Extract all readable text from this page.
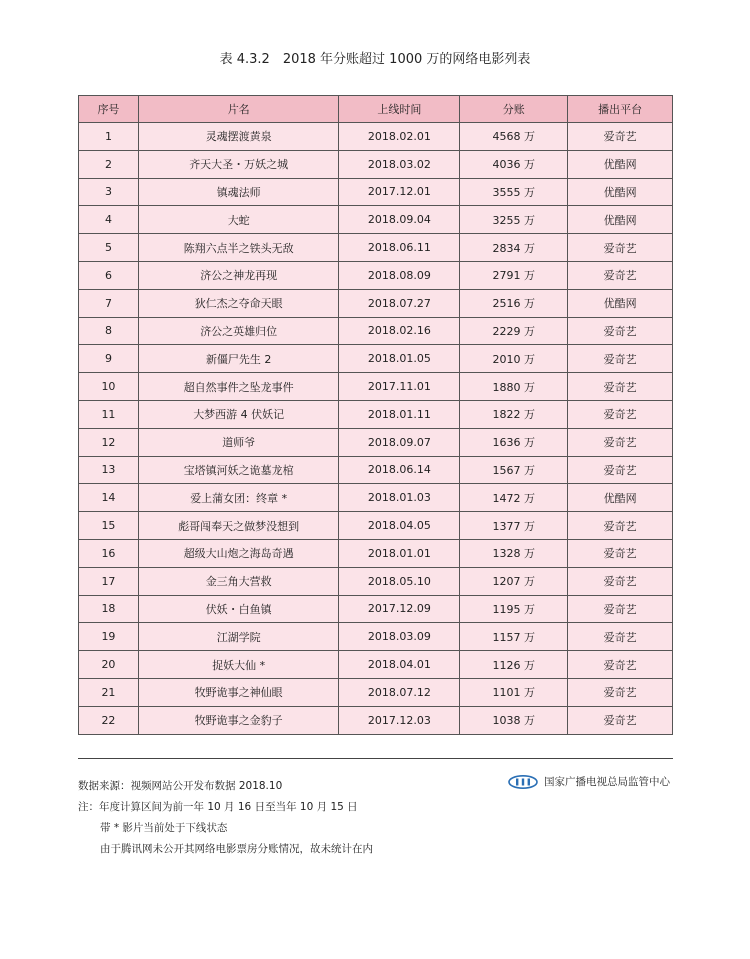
表 4.3.2　2018 年分账超过 1000 万的网络电影列表
序号	片名	上线时间	分账	播出平台
1	灵魂摆渡黄泉	2018.02.01	4568 万	爱奇艺
2	齐天大圣・万妖之城	2018.03.02	4036 万	优酷网
3	镇魂法师	2017.12.01	3555 万	优酷网
4	大蛇	2018.09.04	3255 万	优酷网
5	陈翔六点半之铁头无敌	2018.06.11	2834 万	爱奇艺
6	济公之神龙再现	2018.08.09	2791 万	爱奇艺
7	狄仁杰之夺命天眼	2018.07.27	2516 万	优酷网
8	济公之英雄归位	2018.02.16	2229 万	爱奇艺
9	新僵尸先生 2	2018.01.05	2010 万	爱奇艺
10	超自然事件之坠龙事件	2017.11.01	1880 万	爱奇艺
11	大梦西游 4 伏妖记	2018.01.11	1822 万	爱奇艺
12	道师爷	2018.09.07	1636 万	爱奇艺
13	宝塔镇河妖之诡墓龙棺	2018.06.14	1567 万	爱奇艺
14	爱上蒲女团：终章 *	2018.01.03	1472 万	优酷网
15	彪哥闯奉天之做梦没想到	2018.04.05	1377 万	爱奇艺
16	超级大山炮之海岛奇遇	2018.01.01	1328 万	爱奇艺
17	金三角大营救	2018.05.10	1207 万	爱奇艺
18	伏妖・白鱼镇	2017.12.09	1195 万	爱奇艺
19	江湖学院	2018.03.09	1157 万	爱奇艺
20	捉妖大仙 *	2018.04.01	1126 万	爱奇艺
21	牧野诡事之神仙眼	2018.07.12	1101 万	爱奇艺
22	牧野诡事之金豹子	2017.12.03	1038 万	爱奇艺
数据来源：视频网站公开发布数据 2018.10
注：年度计算区间为前一年 10 月 16 日至当年 10 月 15 日
带 * 影片当前处于下线状态
由于腾讯网未公开其网络电影票房分账情况，故未统计在内
国家广播电视总局监管中心
